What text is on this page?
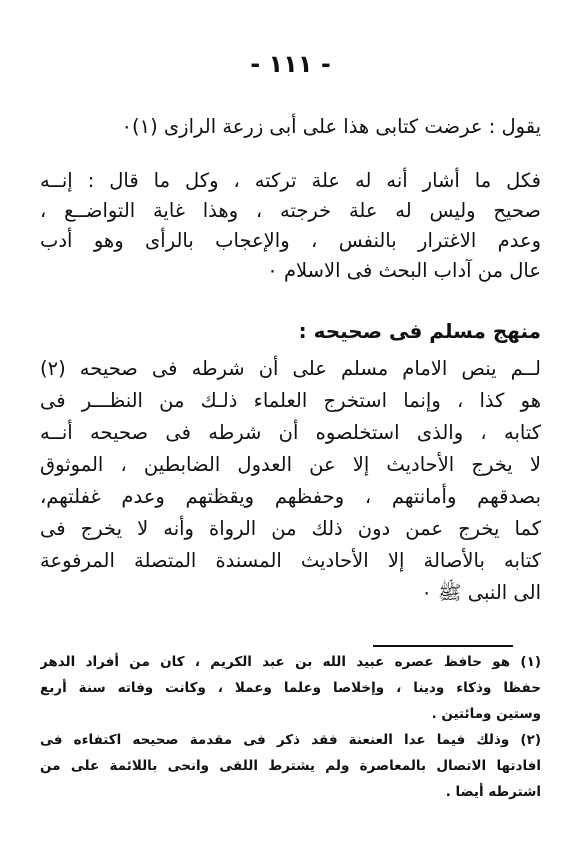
- ١١١ -
يقول : عرضت كتابى هذا على أبى زرعة الرازى (١)٠
فكل ما أشار أنه له علة تركته ، وكل ما قال : إنــه
صحيح وليس له علة خرجته ، وهذا غاية التواضــع ،
وعدم الاغترار بالنفس ، والإعجاب بالرأى وهو أدب
عال من آداب البحث فى الاسلام ٠
منهج مسلم فى صحيحه :
لــم ينص الامام مسلم على أن شرطه فى صحيحه (٢)
هو كذا ، وإنما استخرج العلماء ذلـك من النظـــر فى
كتابه ، والذى استخلصوه أن شرطه فى صحيحه أنــه
لا يخرج الأحاديث إلا عن العدول الضابطين ، الموثوق
بصدقهم وأمانتهم ، وحفظهم ويقظتهم وعدم غفلتهم،
كما يخرج عمن دون ذلك من الرواة وأنه لا يخرج فى
كتابه بالأصالة إلا الأحاديث المسندة المتصلة المرفوعة
الى النبى ﷺ ٠
(١) هو حافظ عصره عبيد الله بن عبد الكريم ، كان من أفراد الدهر
حفظا وذكاء ودينا ، وإخلاصا وعلما وعملا ، وكانت وفاته سنة أربع
وستين ومائتين .
(٢) وذلك فيما عدا العنعنة فقد ذكر فى مقدمة صحيحه اكتفاءه فى
افادتها الاتصال بالمعاصرة ولم يشترط اللقى وانحى باللائمة على من
اشترطه أيضا .
